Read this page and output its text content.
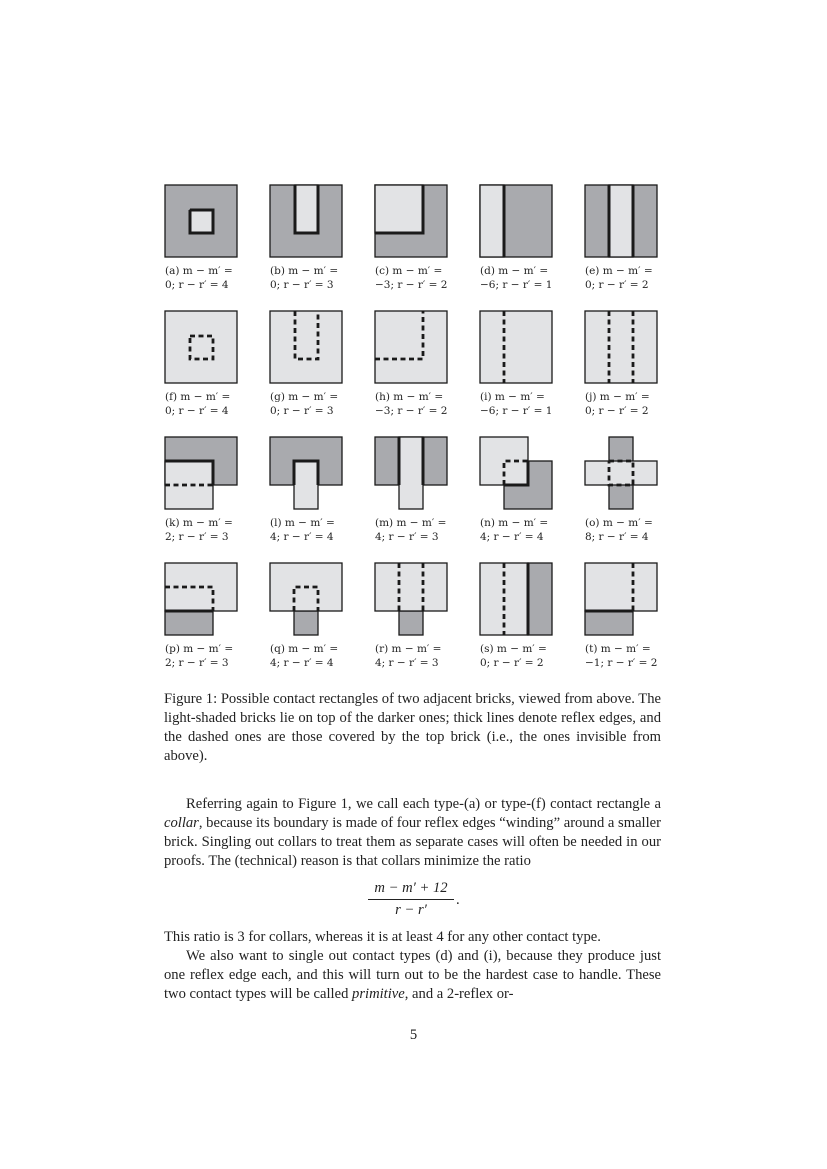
(a) m − m′ =
0; r − r′ = 4
(b) m − m′ =
0; r − r′ = 3
(c) m − m′ =
−3; r − r′ = 2
(d) m − m′ =
−6; r − r′ = 1
(e) m − m′ =
0; r − r′ = 2
(f) m − m′ =
0; r − r′ = 4
(g) m − m′ =
0; r − r′ = 3
(h) m − m′ =
−3; r − r′ = 2
(i) m − m′ =
−6; r − r′ = 1
(j) m − m′ =
0; r − r′ = 2
(k) m − m′ =
2; r − r′ = 3
(l) m − m′ =
4; r − r′ = 4
(m) m − m′ =
4; r − r′ = 3
(n) m − m′ =
4; r − r′ = 4
(o) m − m′ =
8; r − r′ = 4
(p) m − m′ =
2; r − r′ = 3
(q) m − m′ =
4; r − r′ = 4
(r) m − m′ =
4; r − r′ = 3
(s) m − m′ =
0; r − r′ = 2
(t) m − m′ =
−1; r − r′ = 2

Figure 1: Possible contact rectangles of two adjacent bricks, viewed from above. The light-shaded bricks lie on top of the darker ones; thick lines denote reflex edges, and the dashed ones are those covered by the top brick (i.e., the ones invisible from above).

Referring again to Figure 1, we call each type-(a) or type-(f) contact rectangle a collar, because its boundary is made of four reflex edges “winding” around a smaller brick. Singling out collars to treat them as separate cases will often be needed in our proofs. The (technical) reason is that collars minimize the ratio

m − m′ + 12
r − r′
.

This ratio is 3 for collars, whereas it is at least 4 for any other contact type.

We also want to single out contact types (d) and (i), because they produce just one reflex edge each, and this will turn out to be the hardest case to handle. These two contact types will be called primitive, and a 2-reflex or-

5
